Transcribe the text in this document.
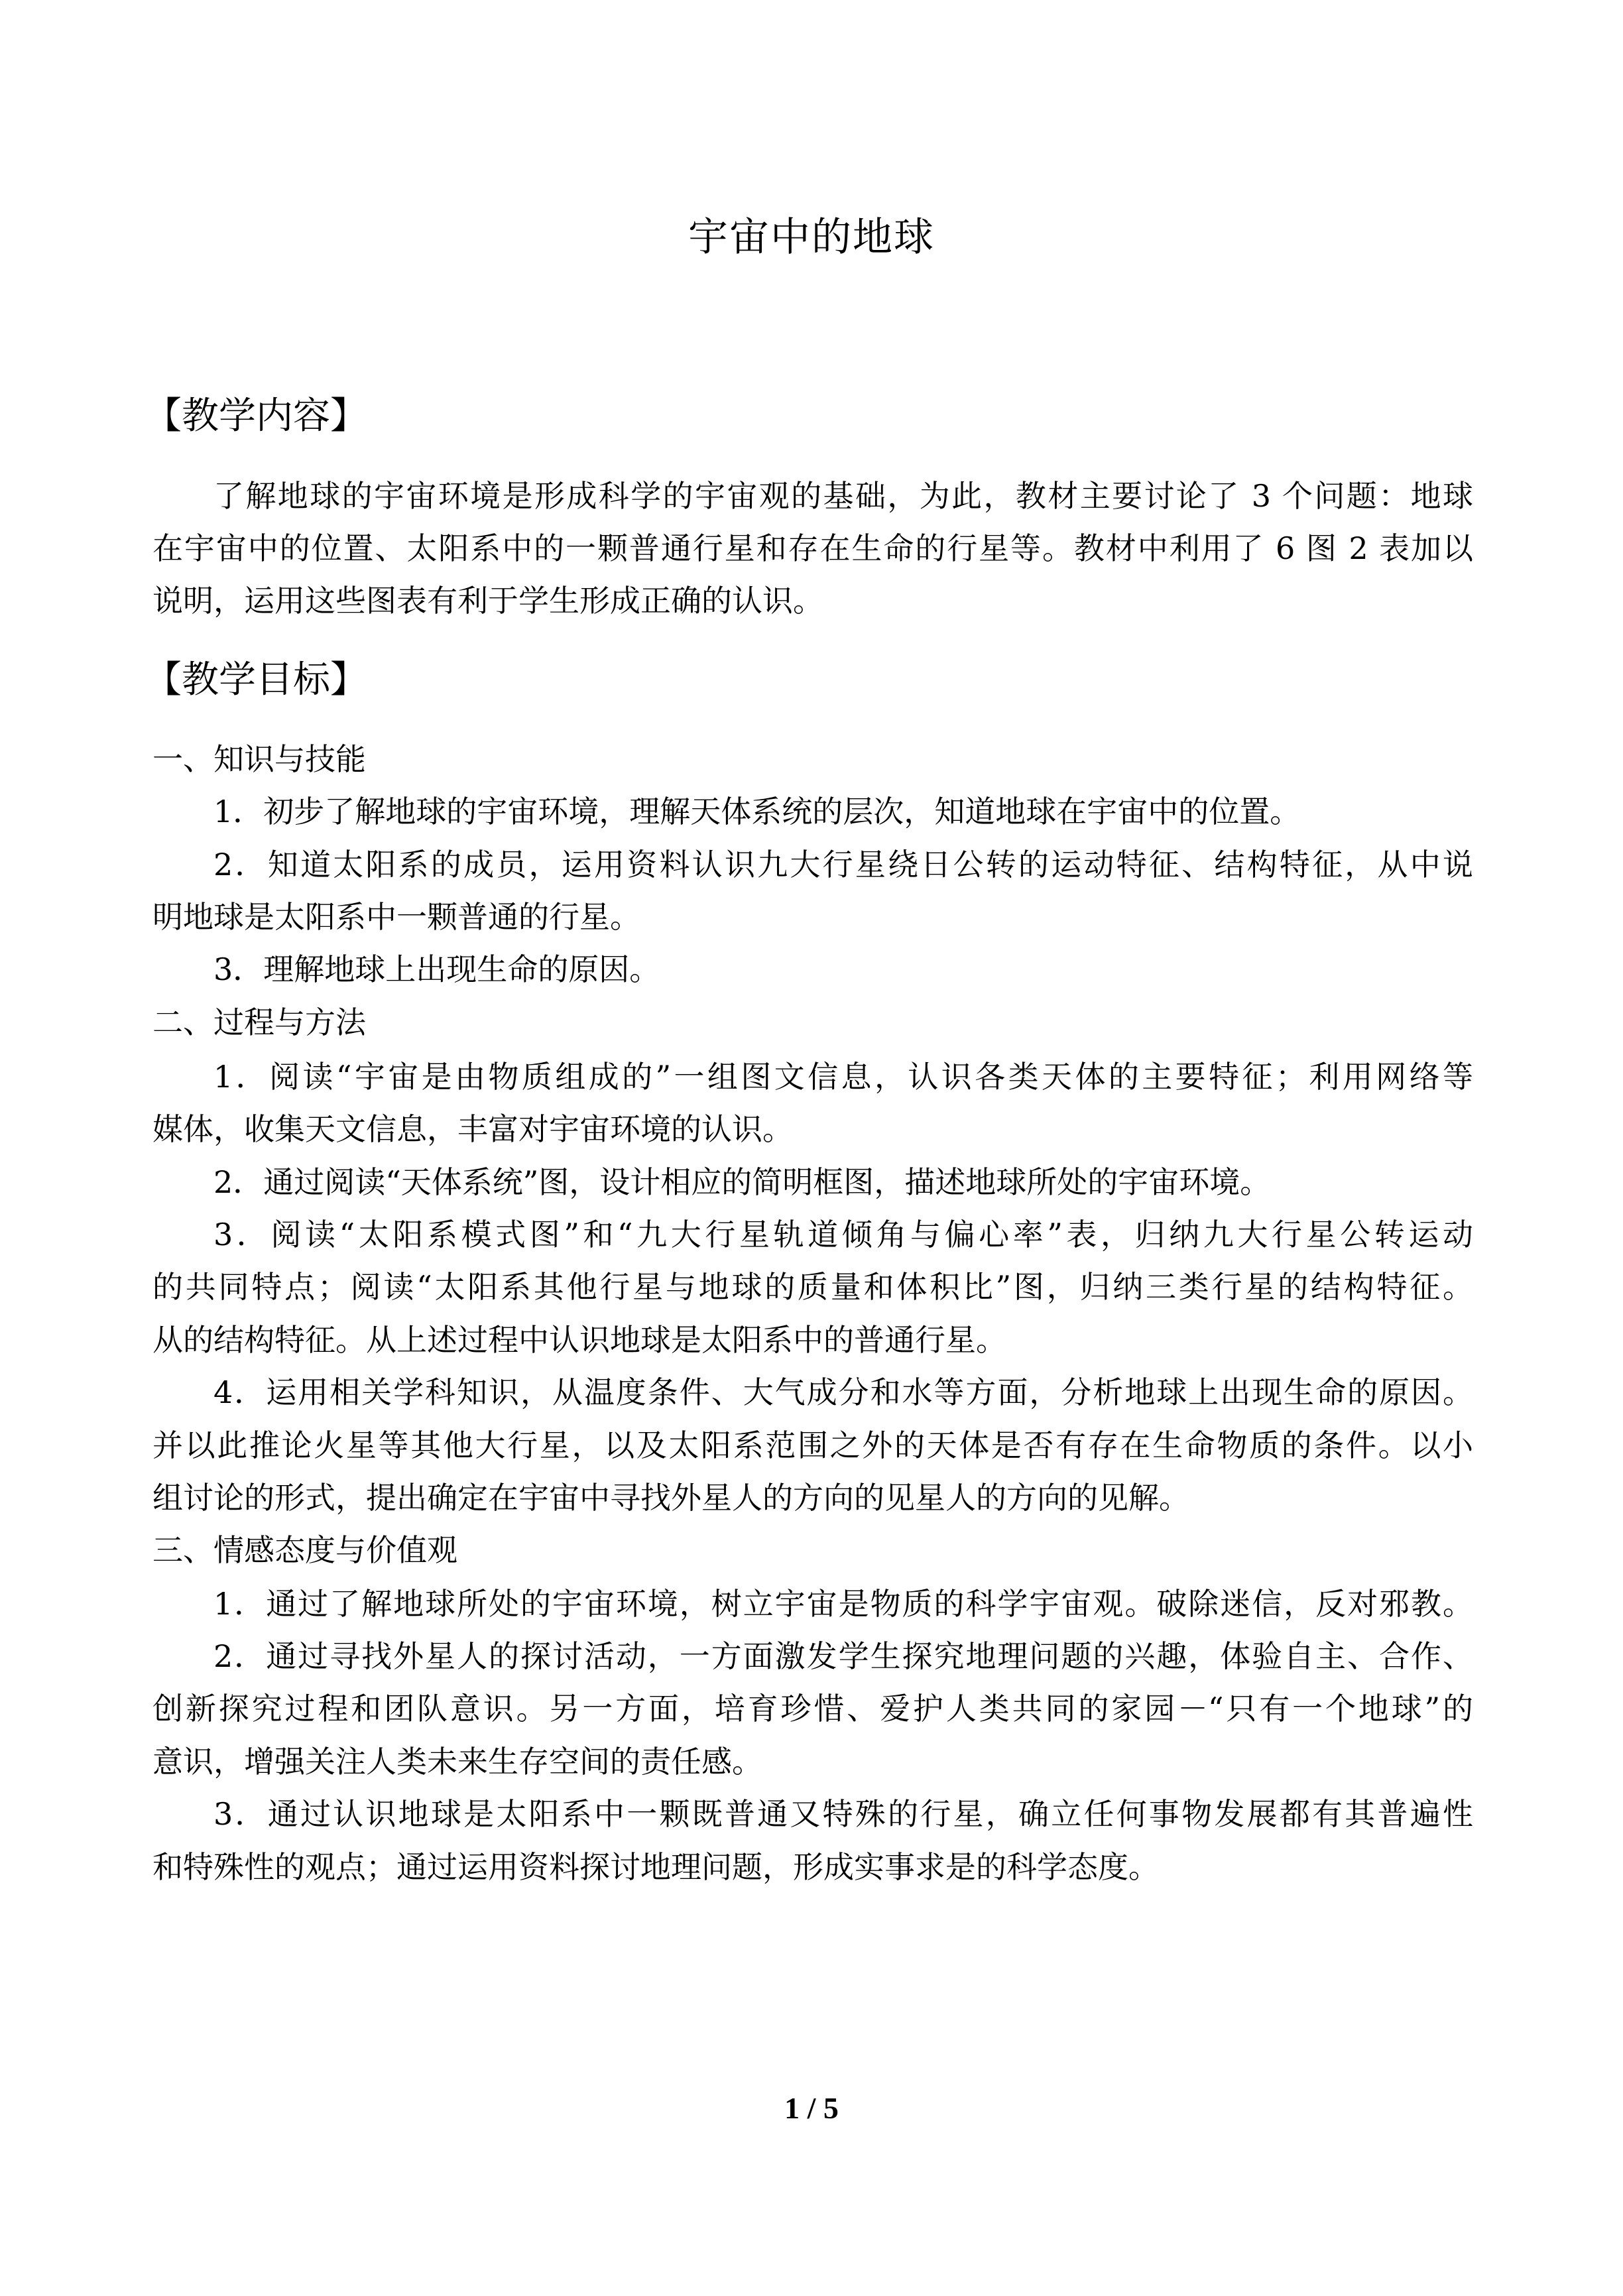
宇宙中的地球
【教学内容】
了解地球的宇宙环境是形成科学的宇宙观的基础，为此，教材主要讨论了 3 个问题：地球
在宇宙中的位置、太阳系中的一颗普通行星和存在生命的行星等。教材中利用了 6 图 2 表加以
说明，运用这些图表有利于学生形成正确的认识。
【教学目标】
一、知识与技能
1．初步了解地球的宇宙环境，理解天体系统的层次，知道地球在宇宙中的位置。
2．知道太阳系的成员，运用资料认识九大行星绕日公转的运动特征、结构特征，从中说
明地球是太阳系中一颗普通的行星。
3．理解地球上出现生命的原因。
二、过程与方法
1．阅读“宇宙是由物质组成的”一组图文信息，认识各类天体的主要特征；利用网络等
媒体，收集天文信息，丰富对宇宙环境的认识。
2．通过阅读“天体系统”图，设计相应的简明框图，描述地球所处的宇宙环境。
3．阅读“太阳系模式图”和“九大行星轨道倾角与偏心率”表，归纳九大行星公转运动
的共同特点；阅读“太阳系其他行星与地球的质量和体积比”图，归纳三类行星的结构特征。
从的结构特征。从上述过程中认识地球是太阳系中的普通行星。
4．运用相关学科知识，从温度条件、大气成分和水等方面，分析地球上出现生命的原因。
并以此推论火星等其他大行星，以及太阳系范围之外的天体是否有存在生命物质的条件。以小
组讨论的形式，提出确定在宇宙中寻找外星人的方向的见星人的方向的见解。
三、情感态度与价值观
1．通过了解地球所处的宇宙环境，树立宇宙是物质的科学宇宙观。破除迷信，反对邪教。
2．通过寻找外星人的探讨活动，一方面激发学生探究地理问题的兴趣，体验自主、合作、
创新探究过程和团队意识。另一方面，培育珍惜、爱护人类共同的家园－“只有一个地球”的
意识，增强关注人类未来生存空间的责任感。
3．通过认识地球是太阳系中一颗既普通又特殊的行星，确立任何事物发展都有其普遍性
和特殊性的观点；通过运用资料探讨地理问题，形成实事求是的科学态度。
1 / 5
